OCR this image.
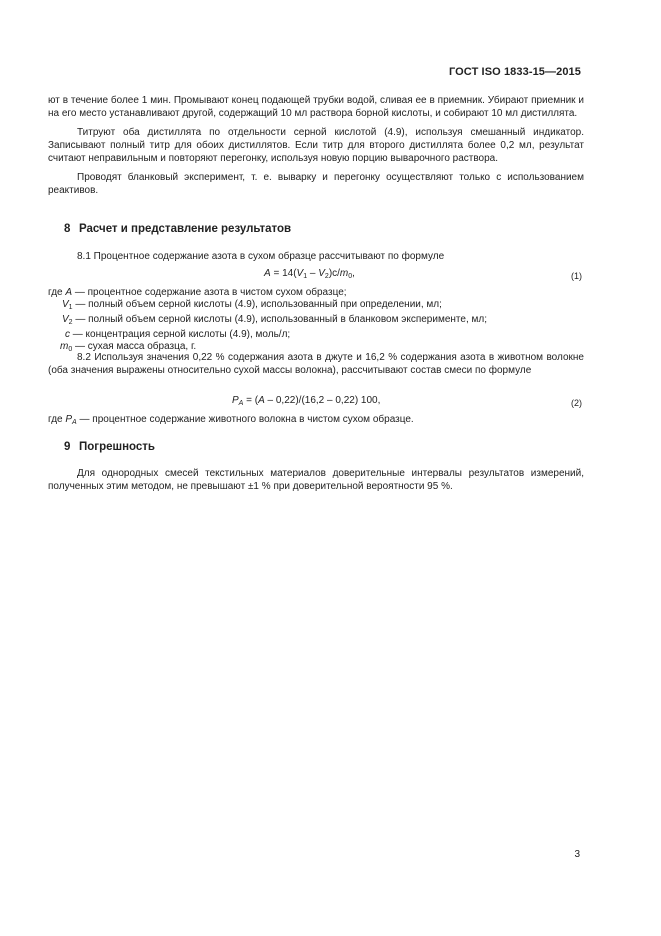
ГОСТ ISO 1833-15—2015

ют в течение более 1 мин. Промывают конец подающей трубки водой, сливая ее в приемник. Убирают приемник и на его место устанавливают другой, содержащий 10 мл раствора борной кислоты, и собирают 10 мл дистиллята.

Титруют оба дистиллята по отдельности серной кислотой (4.9), используя смешанный индикатор. Записывают полный титр для обоих дистиллятов. Если титр для второго дистиллята более 0,2 мл, результат считают неправильным и повторяют перегонку, используя новую порцию выварочного раствора.

Проводят бланковый эксперимент, т. е. выварку и перегонку осуществляют только с использованием реактивов.

8 Расчет и представление результатов

8.1 Процентное содержание азота в сухом образце рассчитывают по формуле

$A = 14(V_1 - V_2)c/m_0$,	(1)
где A — процентное содержание азота в чистом сухом образце;
$V_1$ — полный объем серной кислоты (4.9), использованный при определении, мл;
$V_2$ — полный объем серной кислоты (4.9), использованный в бланковом эксперименте, мл;
c — концентрация серной кислоты (4.9), моль/л;
$m_0$ — сухая масса образца, г.

8.2 Используя значения 0,22 % содержания азота в джуте и 16,2 % содержания азота в животном волокне (оба значения выражены относительно сухой массы волокна), рассчитывают состав смеси по формуле

$P_A = (A - 0,22)/(16,2 - 0,22)$ 100,	(2)
где $P_A$ — процентное содержание животного волокна в чистом сухом образце.
9 Погрешность

Для однородных смесей текстильных материалов доверительные интервалы результатов измерений, полученных этим методом, не превышают ±1 % при доверительной вероятности 95 %.

3
